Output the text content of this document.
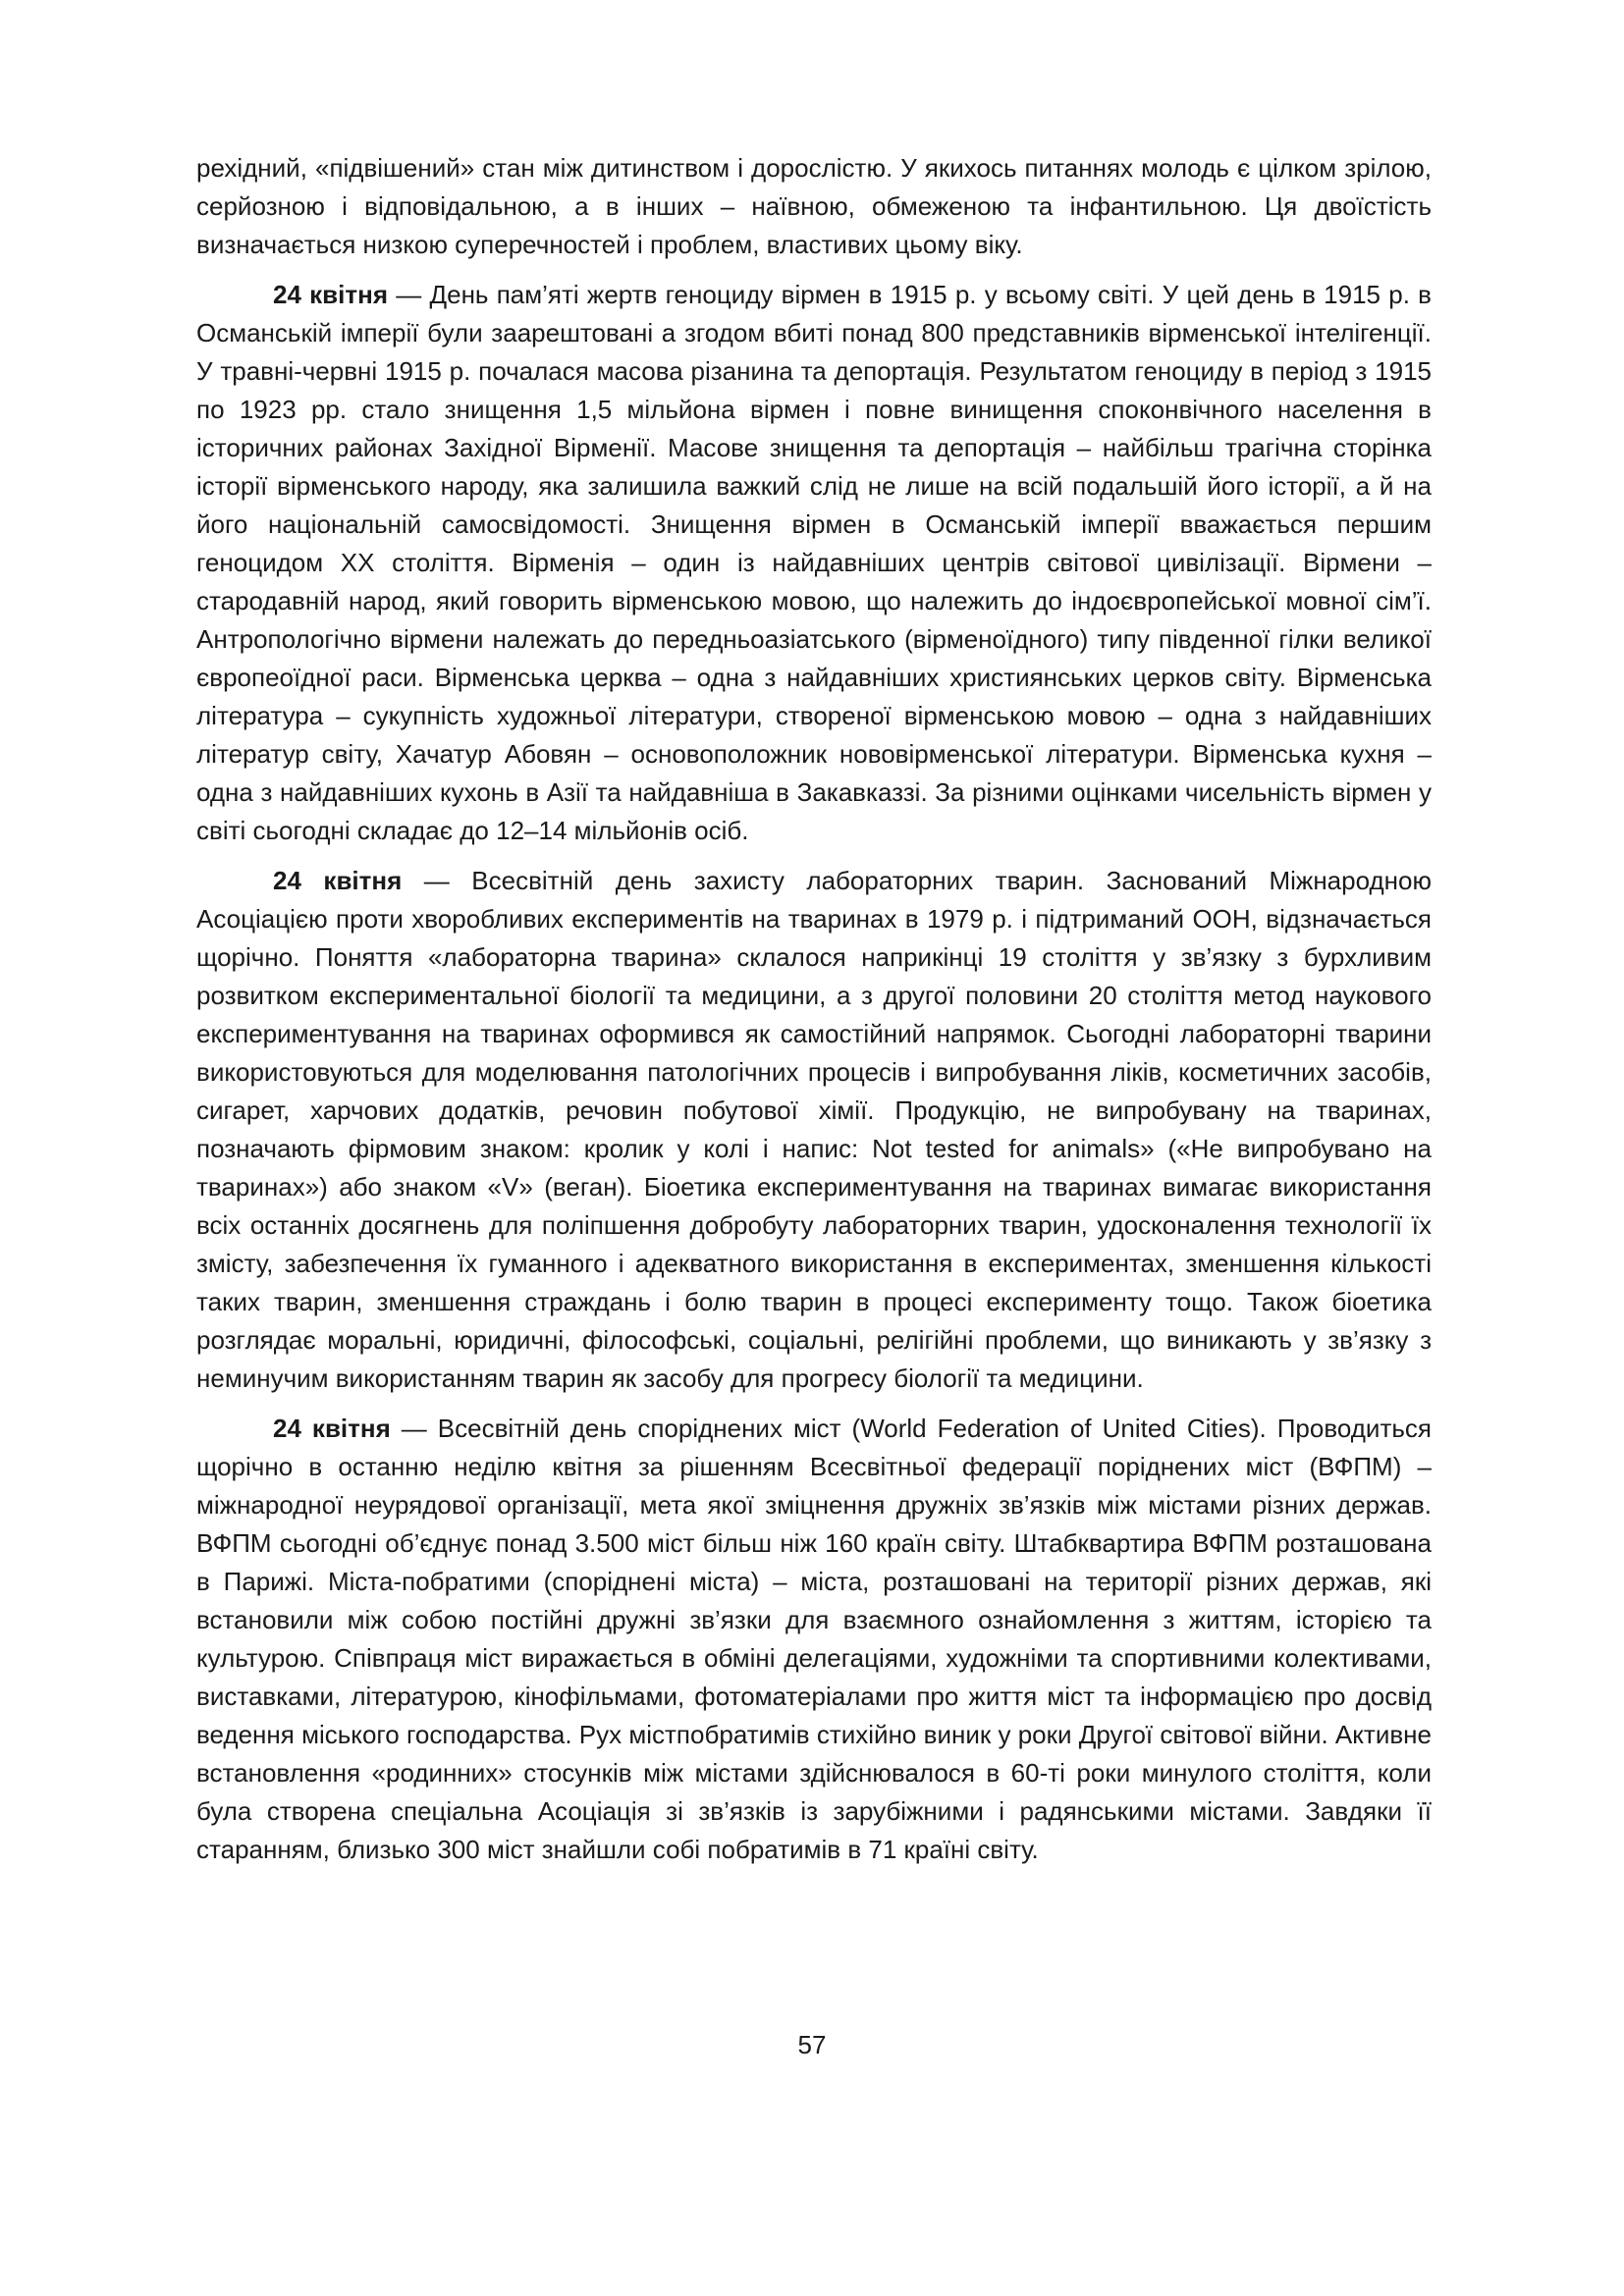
рехідний, «підвішений» стан між дитинством і дорослістю. У якихось питаннях молодь є цілком зрілою, серйозною і відповідальною, а в інших – наївною, обмеженою та інфантильною. Ця двоїстість визначається низкою суперечностей і проблем, властивих цьому віку.

24 квітня — День пам’яті жертв геноциду вірмен в 1915 р. у всьому світі. У цей день в 1915 р. в Османській імперії були заарештовані а згодом вбиті понад 800 представників вірменської інтелігенції. У травні-червні 1915 р. почалася масова різанина та депортація. Результатом геноциду в період з 1915 по 1923 рр. стало знищення 1,5 мільйона вірмен і повне винищення споконвічного населення в історичних районах Західної Вірменії. Масове знищення та депортація – найбільш трагічна сторінка історії вірменського народу, яка залишила важкий слід не лише на всій подальшій його історії, а й на його національній самосвідомості. Знищення вірмен в Османській імперії вважається першим геноцидом ХХ століття. Вірменія – один із найдавніших центрів світової цивілізації. Вірмени – стародавній народ, який говорить вірменською мовою, що належить до індоєвропейської мовної сім’ї. Антропологічно вірмени належать до передньоазіатського (вірменоїдного) типу південної гілки великої європеоїдної раси. Вірменська церква – одна з найдавніших християнських церков світу. Вірменська література – сукупність художньої літератури, створеної вірменською мовою – одна з найдавніших літератур світу, Хачатур Абовян – основоположник нововірменської літератури. Вірменська кухня – одна з найдавніших кухонь в Азії та найдавніша в Закавказзі. За різними оцінками чисельність вірмен у світі сьогодні складає до 12–14 мільйонів осіб.

24 квітня — Всесвітній день захисту лабораторних тварин. Заснований Міжнародною Асоціацією проти хворобливих експериментів на тваринах в 1979 р. і підтриманий ООН, відзначається щорічно. Поняття «лабораторна тварина» склалося наприкінці 19 століття у зв’язку з бурхливим розвитком експериментальної біології та медицини, а з другої половини 20 століття метод наукового експериментування на тваринах оформився як самостійний напрямок. Сьогодні лабораторні тварини використовуються для моделювання патологічних процесів і випробування ліків, косметичних засобів, сигарет, харчових додатків, речовин побутової хімії. Продукцію, не випробувану на тваринах, позначають фірмовим знаком: кролик у колі і напис: Not tested for animals» («Не випробувано на тваринах») або знаком «V» (веган). Біоетика експериментування на тваринах вимагає використання всіх останніх досягнень для поліпшення добробуту лабораторних тварин, удосконалення технології їх змісту, забезпечення їх гуманного і адекватного використання в експериментах, зменшення кількості таких тварин, зменшення страждань і болю тварин в процесі експерименту тощо. Також біоетика розглядає моральні, юридичні, філософські, соціальні, релігійні проблеми, що виникають у зв’язку з неминучим використанням тварин як засобу для прогресу біології та медицини.

24 квітня — Всесвітній день споріднених міст (World Federation of United Cities). Проводиться щорічно в останню неділю квітня за рішенням Всесвітньої федерації поріднених міст (ВФПМ) – міжнародної неурядової організації, мета якої зміцнення дружніх зв’язків між містами різних держав. ВФПМ сьогодні об’єднує понад 3.500 міст більш ніж 160 країн світу. Штабквартира ВФПМ розташована в Парижі. Міста-побратими (споріднені міста) – міста, розташовані на території різних держав, які встановили між собою постійні дружні зв’язки для взаємного ознайомлення з життям, історією та культурою. Співпраця міст виражається в обміні делегаціями, художніми та спортивними колективами, виставками, літературою, кінофільмами, фотоматеріалами про життя міст та інформацією про досвід ведення міського господарства. Рух містпобратимів стихійно виник у роки Другої світової війни. Активне встановлення «родинних» стосунків між містами здійснювалося в 60-ті роки минулого століття, коли була створена спеціальна Асоціація зі зв’язків із зарубіжними і радянськими містами. Завдяки її старанням, близько 300 міст знайшли собі побратимів в 71 країні світу.

57
